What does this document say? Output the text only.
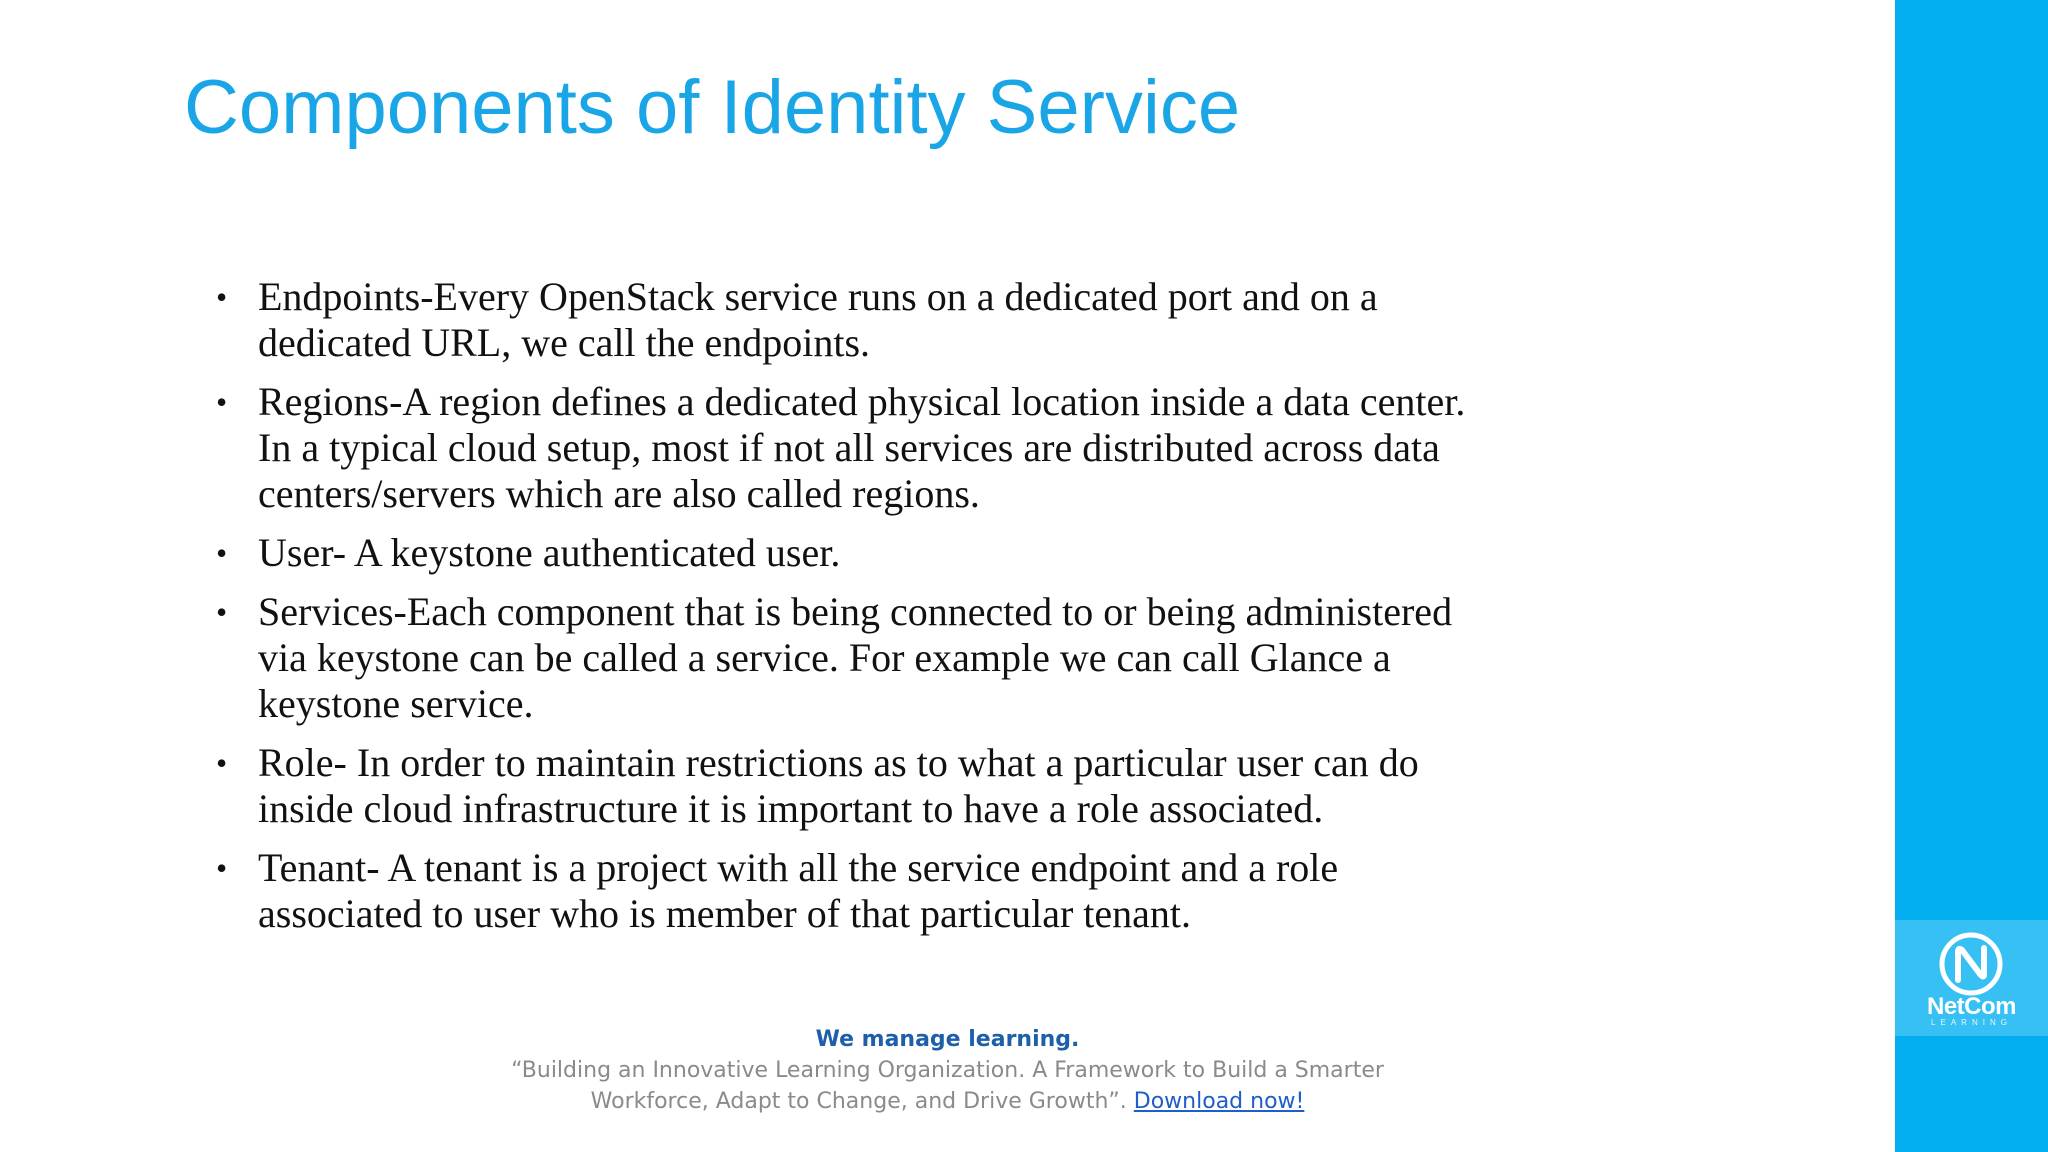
Components of Identity Service
• Endpoints-Every OpenStack service runs on a dedicated port and on a
dedicated URL, we call the endpoints.
• Regions-A region defines a dedicated physical location inside a data center.
In a typical cloud setup, most if not all services are distributed across data
centers/servers which are also called regions.
• User- A keystone authenticated user.
• Services-Each component that is being connected to or being administered
via keystone can be called a service. For example we can call Glance a
keystone service.
• Role- In order to maintain restrictions as to what a particular user can do
inside cloud infrastructure it is important to have a role associated.
• Tenant- A tenant is a project with all the service endpoint and a role
associated to user who is member of that particular tenant.
We manage learning.
“Building an Innovative Learning Organization. A Framework to Build a Smarter
Workforce, Adapt to Change, and Drive Growth”. Download now!
NetCom
LEARNING
